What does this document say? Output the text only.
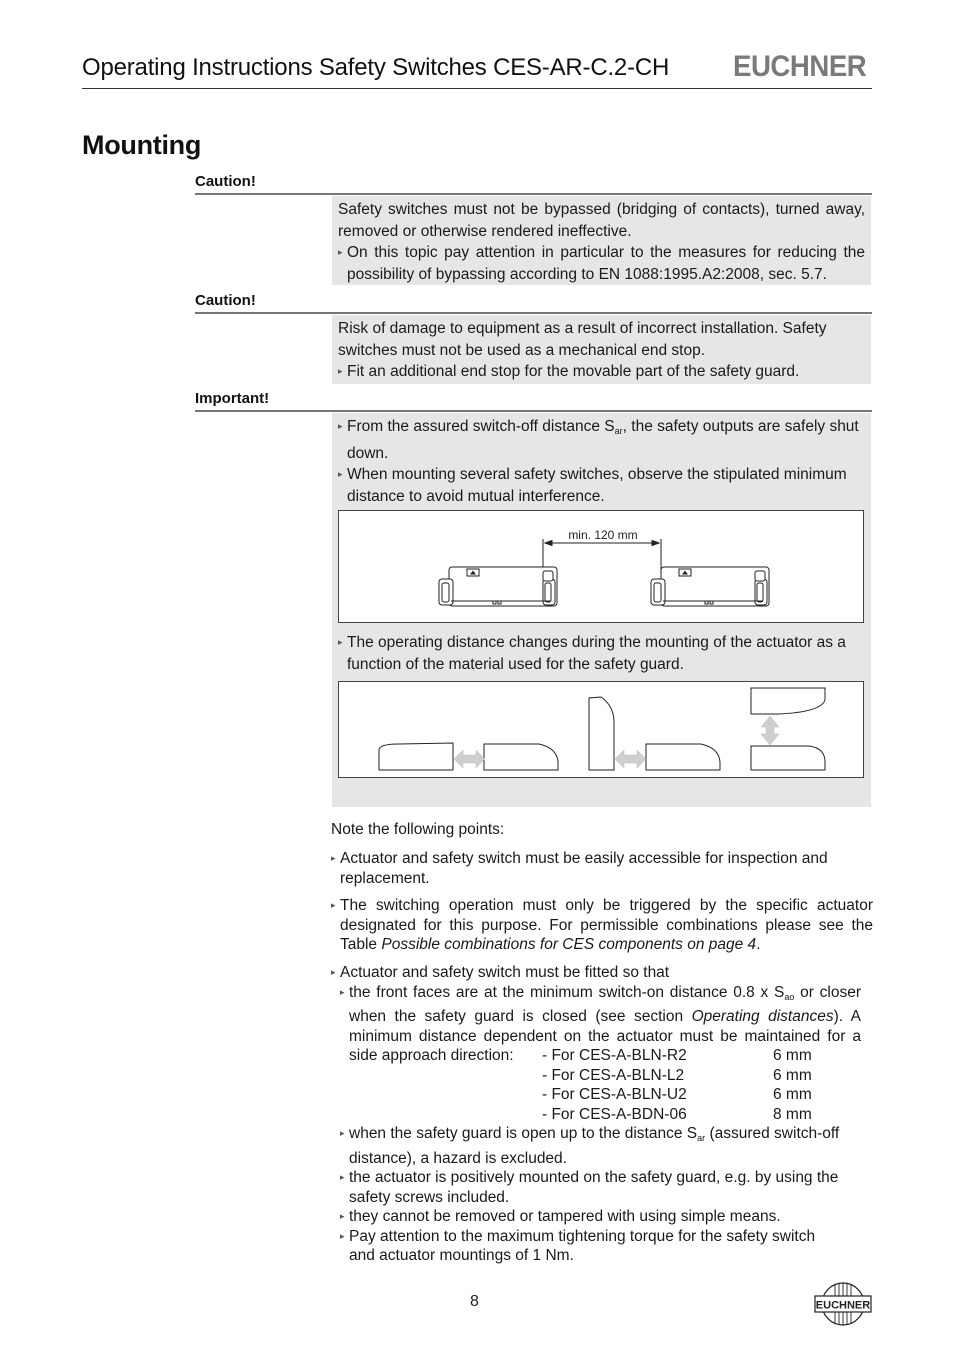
Operating Instructions Safety Switches CES-AR-C.2-CH EUCHNER
Mounting
Caution!
Safety switches must not be bypassed (bridging of contacts), turned away, removed or otherwise rendered ineffective.
▸ On this topic pay attention in particular to the measures for reducing the possibility of bypassing according to EN 1088:1995.A2:2008, sec. 5.7.
Caution!
Risk of damage to equipment as a result of incorrect installation. Safety switches must not be used as a mechanical end stop.
▸ Fit an additional end stop for the movable part of the safety guard.
Important!
▸ From the assured switch-off distance $S_{ar}$, the safety outputs are safely shut down.
▸ When mounting several safety switches, observe the stipulated minimum distance to avoid mutual interference.
min. 120 mm
▸ The operating distance changes during the mounting of the actuator as a function of the material used for the safety guard.
Note the following points:
▸ Actuator and safety switch must be easily accessible for inspection and replacement.
▸ The switching operation must only be triggered by the specific actuator designated for this purpose. For permissible combinations please see the Table Possible combinations for CES components on page 4.
▸ Actuator and safety switch must be fitted so that
▸ the front faces are at the minimum switch-on distance 0.8 x $S_{ao}$ or closer when the safety guard is closed (see section Operating distances). A minimum distance dependent on the actuator must be maintained for a side approach direction:	- For CES-A-BLN-R2	6 mm
- For CES-A-BLN-L2	6 mm
- For CES-A-BLN-U2	6 mm
- For CES-A-BDN-06	8 mm
▸ when the safety guard is open up to the distance $S_{ar}$ (assured switch-off distance), a hazard is excluded.
▸ the actuator is positively mounted on the safety guard, e.g. by using the safety screws included.
▸ they cannot be removed or tampered with using simple means.
▸ Pay attention to the maximum tightening torque for the safety switch and actuator mountings of 1 Nm.
8	EUCHNER
